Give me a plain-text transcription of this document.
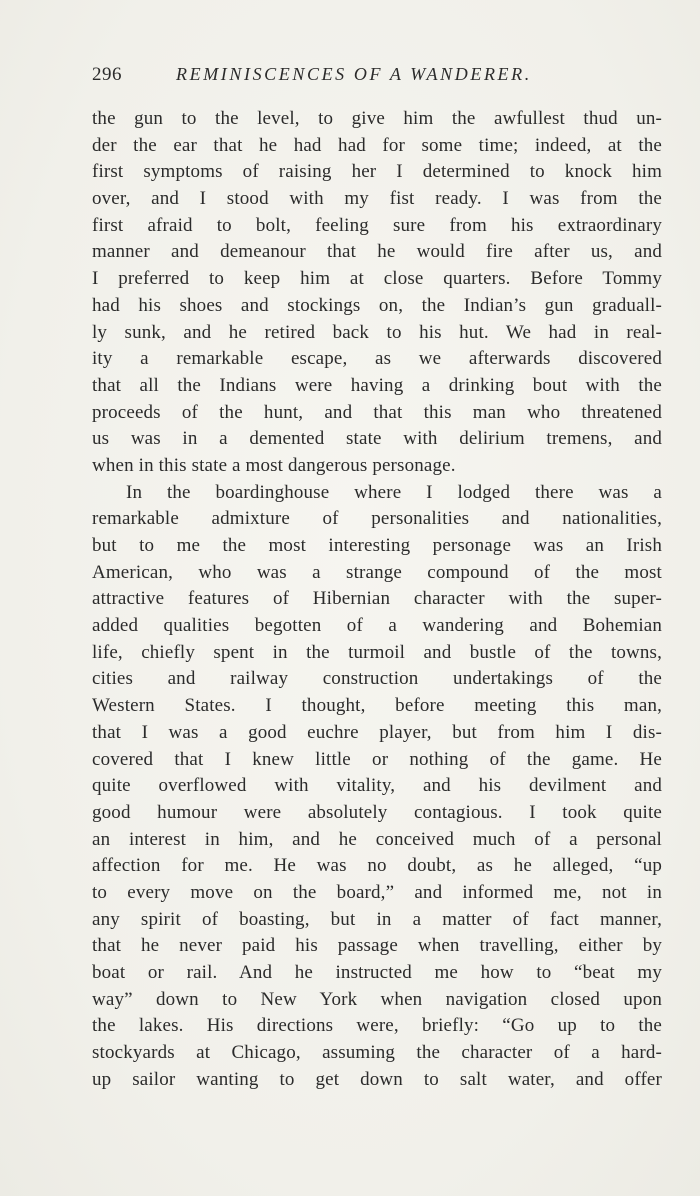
296	REMINISCENCES OF A WANDERER.
the gun to the level, to give him the awfullest thud un-
der the ear that he had had for some time; indeed, at the
first symptoms of raising her I determined to knock him
over, and I stood with my fist ready. I was from the
first afraid to bolt, feeling sure from his extraordinary
manner and demeanour that he would fire after us, and
I preferred to keep him at close quarters. Before Tommy
had his shoes and stockings on, the Indian’s gun graduall-
ly sunk, and he retired back to his hut. We had in real-
ity a remarkable escape, as we afterwards discovered
that all the Indians were having a drinking bout with the
proceeds of the hunt, and that this man who threatened
us was in a demented state with delirium tremens, and
when in this state a most dangerous personage.
In the boardinghouse where I lodged there was a
remarkable admixture of personalities and nationalities,
but to me the most interesting personage was an Irish
American, who was a strange compound of the most
attractive features of Hibernian character with the super-
added qualities begotten of a wandering and Bohemian
life, chiefly spent in the turmoil and bustle of the towns,
cities and railway construction undertakings of the
Western States. I thought, before meeting this man,
that I was a good euchre player, but from him I dis-
covered that I knew little or nothing of the game. He
quite overflowed with vitality, and his devilment and
good humour were absolutely contagious. I took quite
an interest in him, and he conceived much of a personal
affection for me. He was no doubt, as he alleged, “up
to every move on the board,” and informed me, not in
any spirit of boasting, but in a matter of fact manner,
that he never paid his passage when travelling, either by
boat or rail. And he instructed me how to “beat my
way” down to New York when navigation closed upon
the lakes. His directions were, briefly: “Go up to the
stockyards at Chicago, assuming the character of a hard-
up sailor wanting to get down to salt water, and offer
